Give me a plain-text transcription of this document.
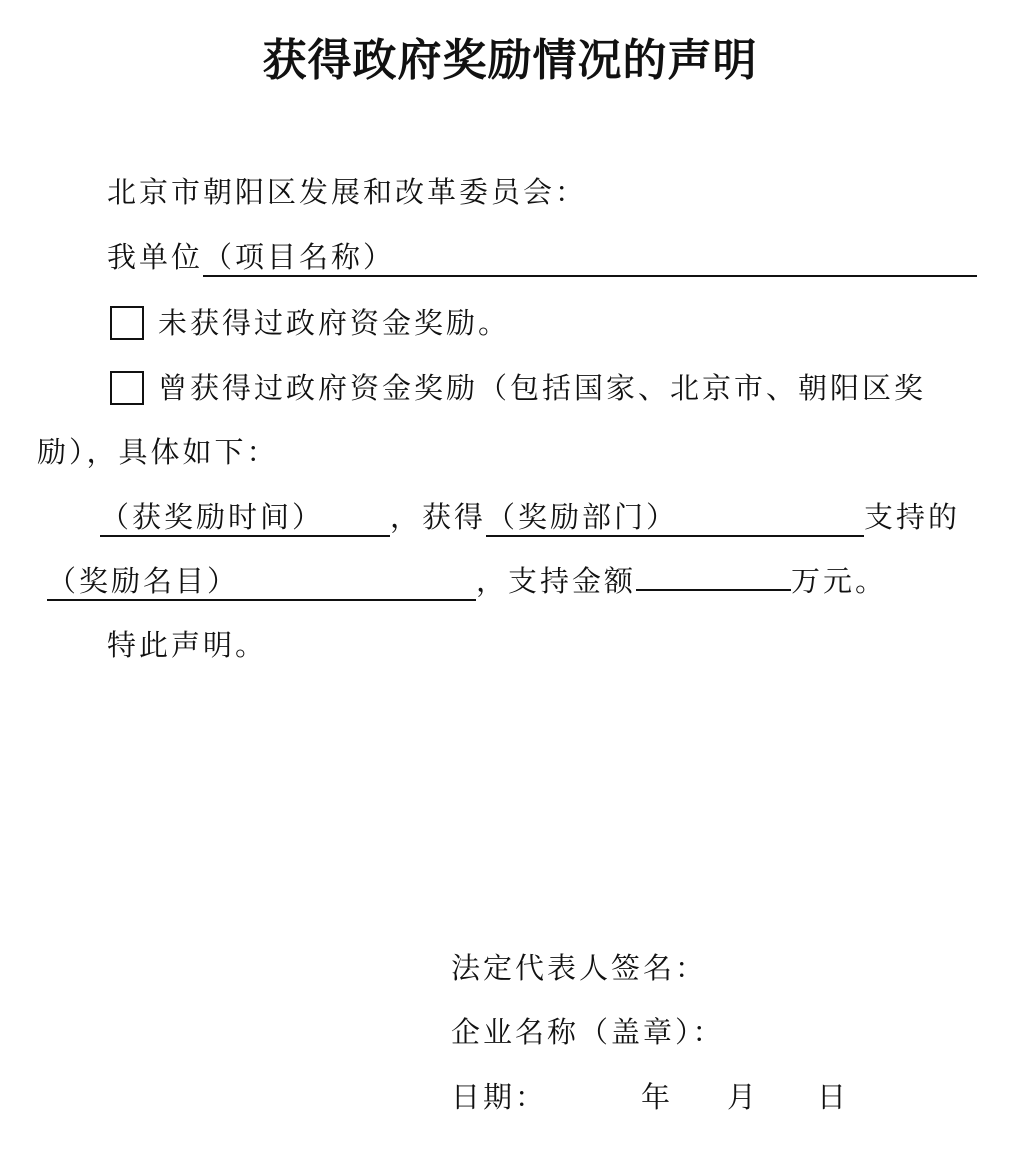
获得政府奖励情况的声明
北京市朝阳区发展和改革委员会：
我单位（项目名称）
未获得过政府资金奖励。
曾获得过政府资金奖励（包括国家、北京市、朝阳区奖
励），具体如下：
（获奖励时间） ，获得（奖励部门）	支持的
（奖励名目）	，支持金额	万元。
特此声明。
法定代表人签名：
企业名称（盖章）：
日期：	年 月 日
